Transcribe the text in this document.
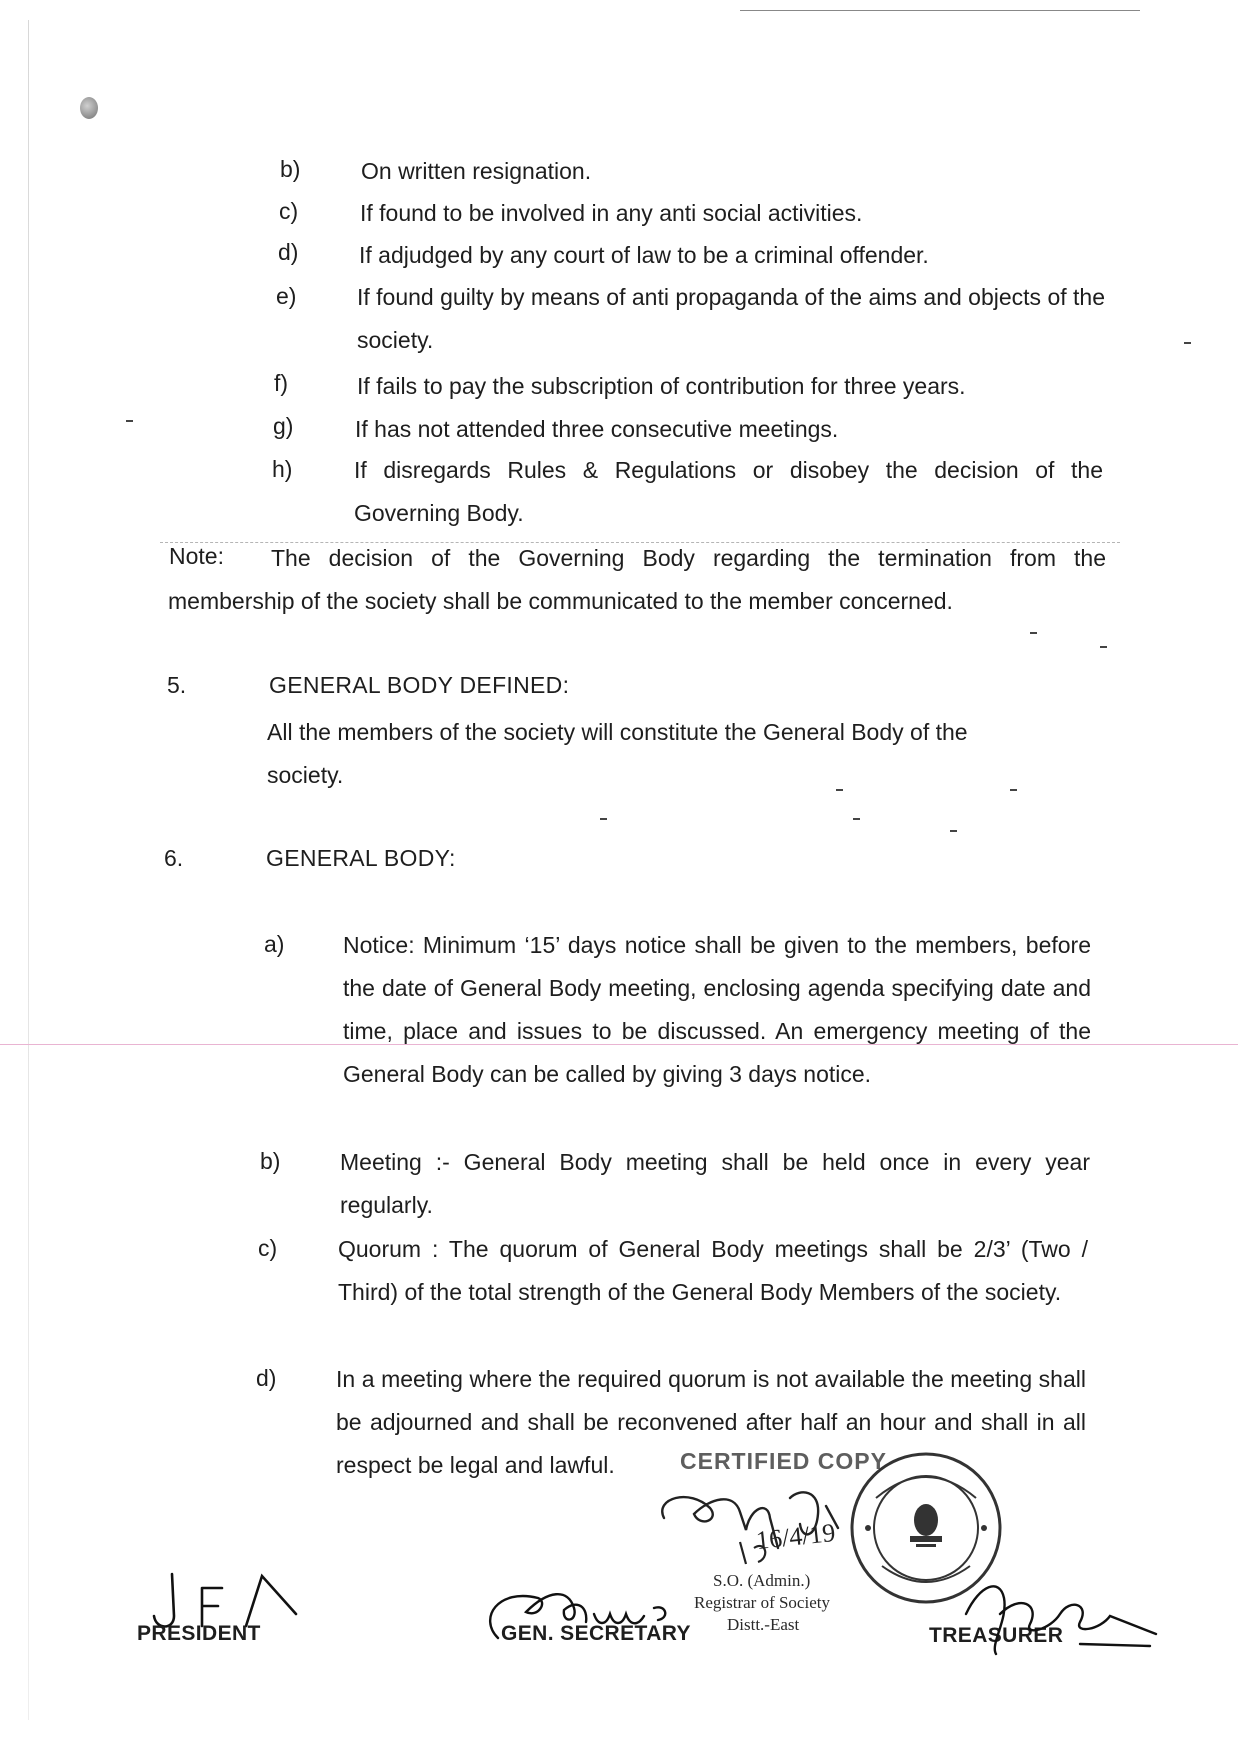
b)	On written resignation.
c)	If found to be involved in any anti social activities.
d)	If adjudged by any court of law to be a criminal offender.
e)	If found guilty by means of anti propaganda of the aims and objects of the society.
f)	If fails to pay the subscription of contribution for three years.
g)	If has not attended three consecutive meetings.
h)	If disregards Rules & Regulations or disobey the decision of the Governing Body.
Note:	The decision of the Governing Body regarding the termination from the membership of the society shall be communicated to the member concerned.
5.	GENERAL BODY DEFINED:
All the members of the society will constitute the General Body of the society.
6.	GENERAL BODY:
a)	Notice: Minimum ‘15’ days notice shall be given to the members, before the date of General Body meeting, enclosing agenda specifying date and time, place and issues to be discussed. An emergency meeting of the General Body can be called by giving 3 days notice.
b)	Meeting :- General Body meeting shall be held once in every year regularly.
c)	Quorum : The quorum of General Body meetings shall be 2/3’ (Two / Third) of the total strength of the General Body Members of the society.
d)	In a meeting where the required quorum is not available the meeting shall be adjourned and shall be reconvened after half an hour and shall in all respect be legal and lawful.	CERTIFIED COPY
16/4/19
S.O. (Admin.)
Registrar of Society
Distt.-East
PRESIDENT	GEN. SECRETARY	TREASURER
